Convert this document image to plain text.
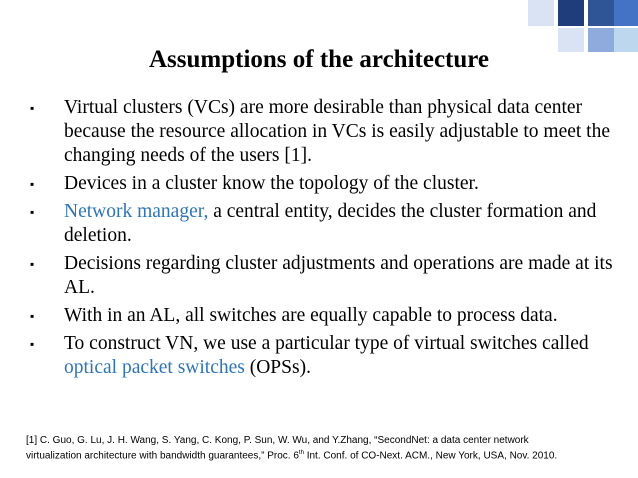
Assumptions of the architecture
▪ Virtual clusters (VCs) are more desirable than physical data center because the resource allocation in VCs is easily adjustable to meet the changing needs of the users [1].
▪ Devices in a cluster know the topology of the cluster.
▪ Network manager, a central entity, decides the cluster formation and deletion.
▪ Decisions regarding cluster adjustments and operations are made at its AL.
▪ With in an AL, all switches are equally capable to process data.
▪ To construct VN, we use a particular type of virtual switches called optical packet switches (OPSs).
[1] C. Guo, G. Lu, J. H. Wang, S. Yang, C. Kong, P. Sun, W. Wu, and Y.Zhang, “SecondNet: a data center network virtualization architecture with bandwidth guarantees,” Proc. 6th Int. Conf. of CO-Next. ACM., New York, USA, Nov. 2010.
